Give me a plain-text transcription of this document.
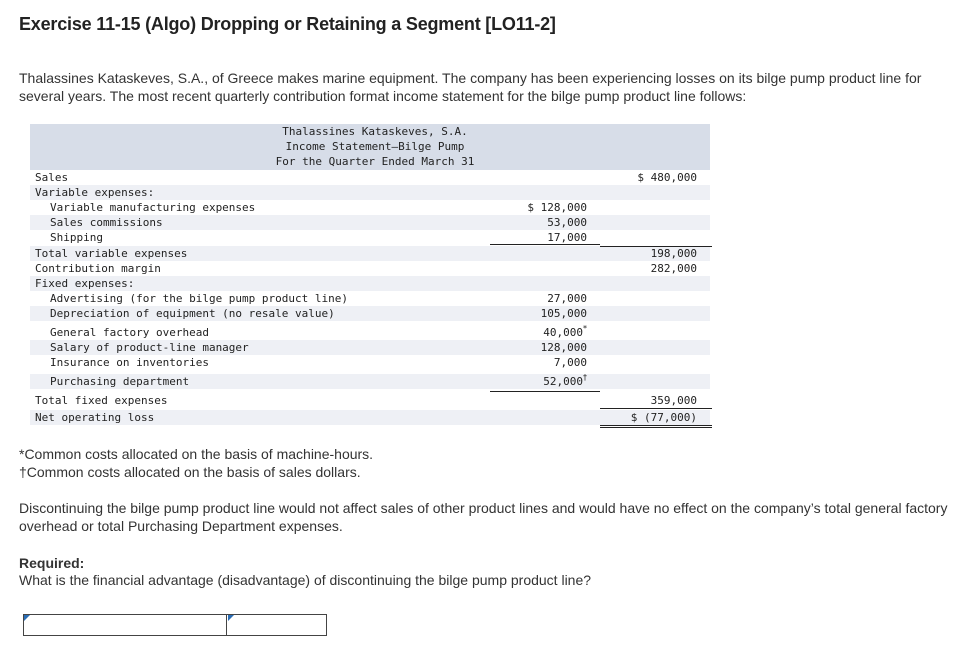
Exercise 11-15 (Algo) Dropping or Retaining a Segment [LO11-2]

Thalassines Kataskeves, S.A., of Greece makes marine equipment. The company has been experiencing losses on its bilge pump product line for several years. The most recent quarterly contribution format income statement for the bilge pump product line follows:

Thalassines Kataskeves, S.A.
Income Statement—Bilge Pump
For the Quarter Ended March 31
Sales	$ 480,000
Variable expenses:
Variable manufacturing expenses	$ 128,000
Sales commissions	53,000
Shipping	17,000
Total variable expenses	198,000
Contribution margin	282,000
Fixed expenses:
Advertising (for the bilge pump product line)	27,000
Depreciation of equipment (no resale value)	105,000
General factory overhead	40,000*
Salary of product-line manager	128,000
Insurance on inventories	7,000
Purchasing department	52,000†
Total fixed expenses	359,000
Net operating loss	$ (77,000)

*Common costs allocated on the basis of machine-hours.

†Common costs allocated on the basis of sales dollars.

Discontinuing the bilge pump product line would not affect sales of other product lines and would have no effect on the company’s total general factory overhead or total Purchasing Department expenses.

Required:

What is the financial advantage (disadvantage) of discontinuing the bilge pump product line?
